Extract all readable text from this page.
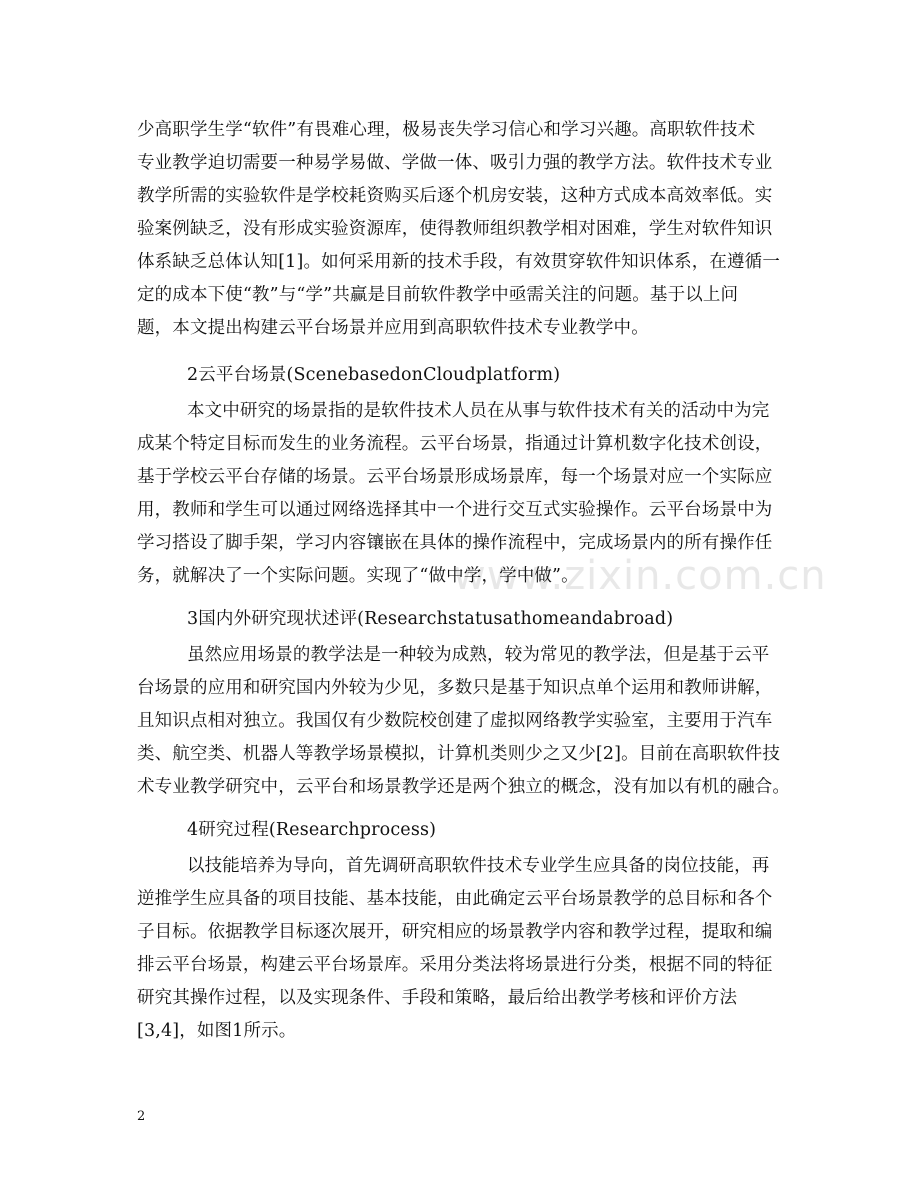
www.zixin.com.cn
少高职学生学“软件”有畏难心理，极易丧失学习信心和学习兴趣。高职软件技术
专业教学迫切需要一种易学易做、学做一体、吸引力强的教学方法。软件技术专业
教学所需的实验软件是学校耗资购买后逐个机房安装，这种方式成本高效率低。实
验案例缺乏，没有形成实验资源库，使得教师组织教学相对困难，学生对软件知识
体系缺乏总体认知[1]。如何采用新的技术手段，有效贯穿软件知识体系，在遵循一
定的成本下使“教”与“学”共赢是目前软件教学中亟需关注的问题。基于以上问
题，本文提出构建云平台场景并应用到高职软件技术专业教学中。
2云平台场景(ScenebasedonCloudplatform)
本文中研究的场景指的是软件技术人员在从事与软件技术有关的活动中为完
成某个特定目标而发生的业务流程。云平台场景，指通过计算机数字化技术创设，
基于学校云平台存储的场景。云平台场景形成场景库，每一个场景对应一个实际应
用，教师和学生可以通过网络选择其中一个进行交互式实验操作。云平台场景中为
学习搭设了脚手架，学习内容镶嵌在具体的操作流程中，完成场景内的所有操作任
务，就解决了一个实际问题。实现了“做中学，学中做”。
3国内外研究现状述评(Researchstatusathomeandabroad)
虽然应用场景的教学法是一种较为成熟，较为常见的教学法，但是基于云平
台场景的应用和研究国内外较为少见，多数只是基于知识点单个运用和教师讲解，
且知识点相对独立。我国仅有少数院校创建了虚拟网络教学实验室，主要用于汽车
类、航空类、机器人等教学场景模拟，计算机类则少之又少[2]。目前在高职软件技
术专业教学研究中，云平台和场景教学还是两个独立的概念，没有加以有机的融合。
4研究过程(Researchprocess)
以技能培养为导向，首先调研高职软件技术专业学生应具备的岗位技能，再
逆推学生应具备的项目技能、基本技能，由此确定云平台场景教学的总目标和各个
子目标。依据教学目标逐次展开，研究相应的场景教学内容和教学过程，提取和编
排云平台场景，构建云平台场景库。采用分类法将场景进行分类，根据不同的特征
研究其操作过程，以及实现条件、手段和策略，最后给出教学考核和评价方法
[3,4]，如图1所示。
2
